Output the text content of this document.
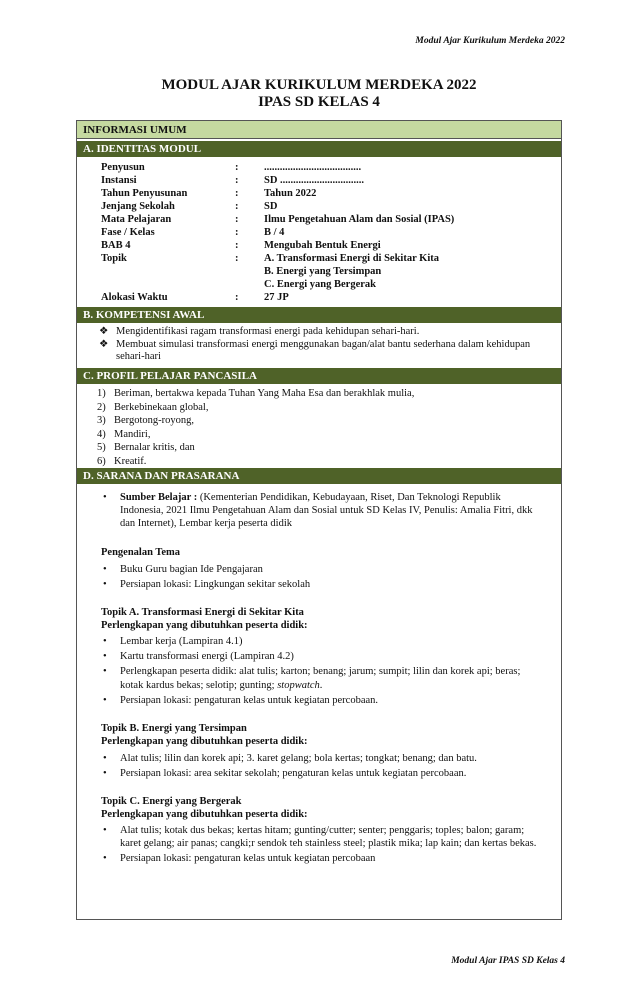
Modul Ajar Kurikulum Merdeka 2022
MODUL AJAR KURIKULUM MERDEKA 2022
IPAS SD KELAS 4
INFORMASI UMUM
A. IDENTITAS MODUL
Penyusun	: .....................................
Instansi	: SD ................................
Tahun Penyusunan	: Tahun 2022
Jenjang Sekolah	: SD
Mata Pelajaran	: Ilmu Pengetahuan Alam dan Sosial (IPAS)
Fase / Kelas	: B / 4
BAB 4	: Mengubah Bentuk Energi
Topik	: A. Transformasi Energi di Sekitar Kita
B. Energi yang Tersimpan
C. Energi yang Bergerak
Alokasi Waktu	: 27 JP
B. KOMPETENSI AWAL
❖ Mengidentifikasi ragam transformasi energi pada kehidupan sehari-hari.
❖ Membuat simulasi transformasi energi menggunakan bagan/alat bantu sederhana dalam kehidupan sehari-hari
C. PROFIL PELAJAR PANCASILA
1) Beriman, bertakwa kepada Tuhan Yang Maha Esa dan berakhlak mulia,
2) Berkebinekaan global,
3) Bergotong-royong,
4) Mandiri,
5) Bernalar kritis, dan
6) Kreatif.
D. SARANA DAN PRASARANA
• Sumber Belajar : (Kementerian Pendidikan, Kebudayaan, Riset, Dan Teknologi Republik Indonesia, 2021 Ilmu Pengetahuan Alam dan Sosial untuk SD Kelas IV, Penulis: Amalia Fitri, dkk dan Internet), Lembar kerja peserta didik
Pengenalan Tema
• Buku Guru bagian Ide Pengajaran
• Persiapan lokasi: Lingkungan sekitar sekolah
Topik A. Transformasi Energi di Sekitar Kita
Perlengkapan yang dibutuhkan peserta didik:
• Lembar kerja (Lampiran 4.1)
• Kartu transformasi energi (Lampiran 4.2)
• Perlengkapan peserta didik: alat tulis; karton; benang; jarum; sumpit; lilin dan korek api; beras; kotak kardus bekas; selotip; gunting; stopwatch.
• Persiapan lokasi: pengaturan kelas untuk kegiatan percobaan.
Topik B. Energi yang Tersimpan
Perlengkapan yang dibutuhkan peserta didik:
• Alat tulis; lilin dan korek api; 3. karet gelang; bola kertas; tongkat; benang; dan batu.
• Persiapan lokasi: area sekitar sekolah; pengaturan kelas untuk kegiatan percobaan.
Topik C. Energi yang Bergerak
Perlengkapan yang dibutuhkan peserta didik:
• Alat tulis; kotak dus bekas; kertas hitam; gunting/cutter; senter; penggaris; toples; balon; garam; karet gelang; air panas; cangki;r sendok teh stainless steel; plastik mika; lap kain; dan kertas bekas.
• Persiapan lokasi: pengaturan kelas untuk kegiatan percobaan
Modul Ajar IPAS SD Kelas 4
